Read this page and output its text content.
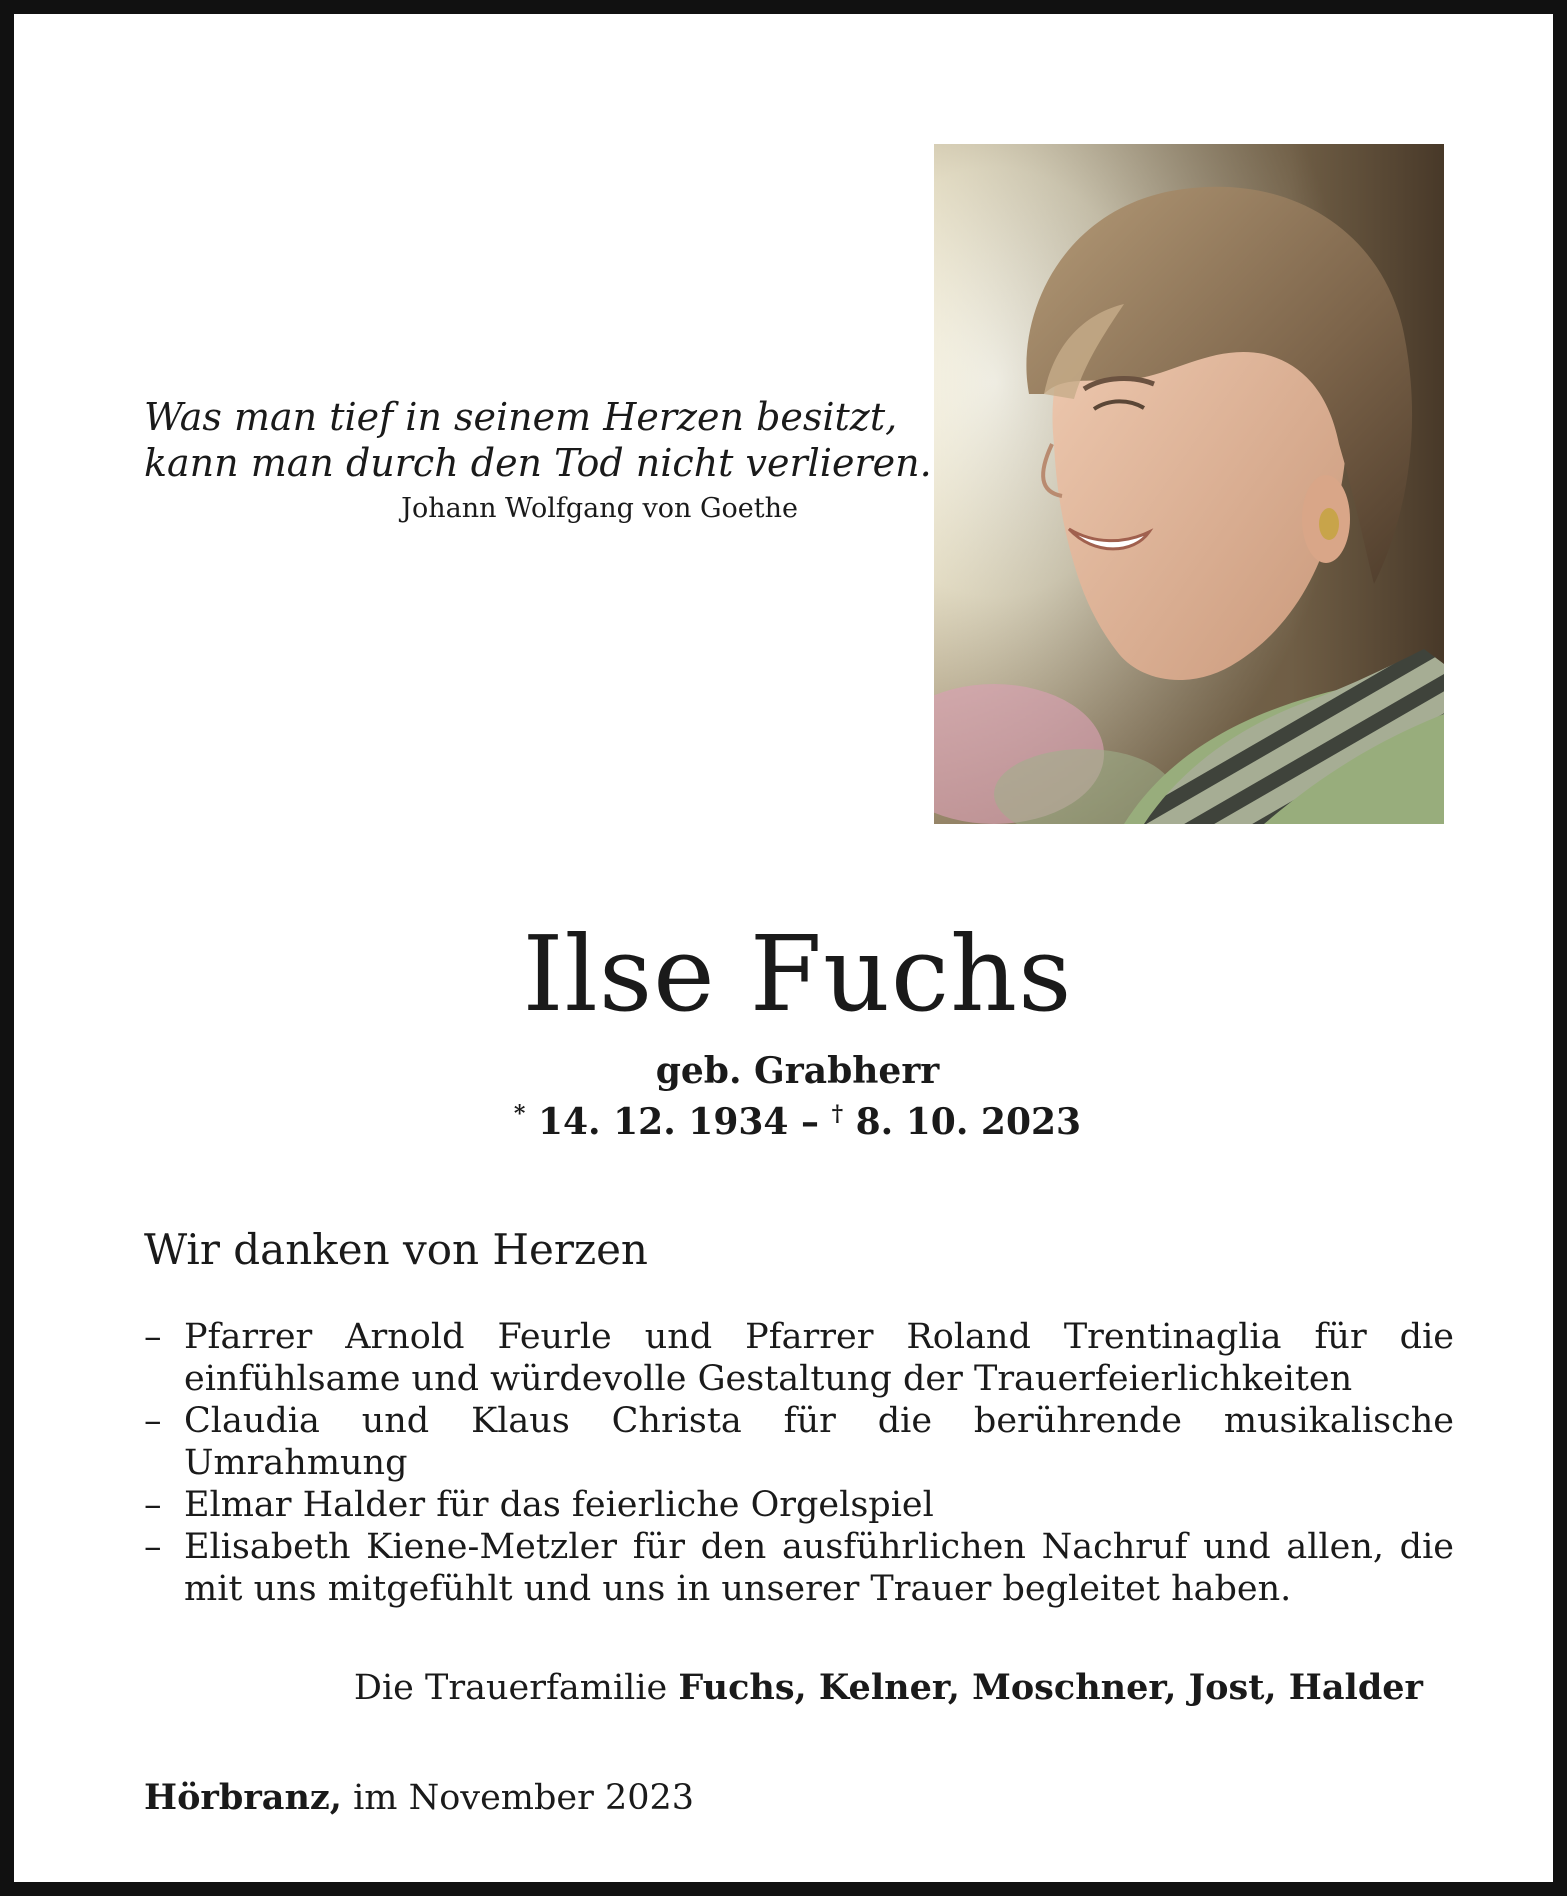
Was man tief in seinem Herzen besitzt,
kann man durch den Tod nicht verlieren.
Johann Wolfgang von Goethe
Ilse Fuchs
geb. Grabherr
* 14. 12. 1934 – † 8. 10. 2023
Wir danken von Herzen
– Pfarrer Arnold Feurle und Pfarrer Roland Trentinaglia für die einfühlsame und würdevolle Gestaltung der Trauerfeierlichkeiten
– Claudia und Klaus Christa für die berührende musikalische Umrahmung
– Elmar Halder für das feierliche Orgelspiel
– Elisabeth Kiene-Metzler für den ausführlichen Nachruf und allen, die mit uns mitgefühlt und uns in unserer Trauer begleitet haben.
Die Trauerfamilie Fuchs, Kelner, Moschner, Jost, Halder
Hörbranz, im November 2023
